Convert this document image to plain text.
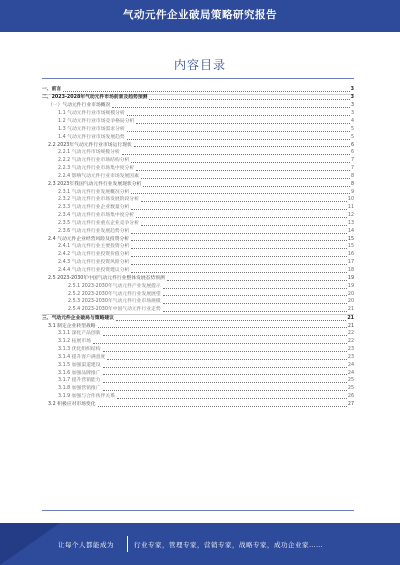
气动元件企业破局策略研究报告
内容目录
一、前言	3
二、2023-2028年气动元件市场前景及趋势预测	3
（一）气动元件行业市场概况	3
1.1 气动元件行业市场规模分析	3
1.2 气动元件行业市场竞争格局分析	4
1.3 气动元件行业市场需求分析	5
1.4 气动元件行业市场发展趋势	5
2.2 2023年气动元件行业市场运行现状	6
2.2.1 气动元件市场规模分析	6
2.2.2 气动元件行业市场结构分析	7
2.2.3 气动元件行业市场集中度分析	7
2.2.4 影响气动元件行业市场发展因素	8
2.3 2023年我国气动元件行业发展现状分析	8
2.3.1 气动元件行业发展概况分析	9
2.3.2 气动元件行业市场发展阶段分析	10
2.3.3 气动元件行业企业数量分析	11
2.3.4 气动元件行业市场集中度分析	12
2.3.5 气动元件行业重点企业竞争分析	13
2.3.6 气动元件行业发展趋势分析	14
2.4 气动元件企业经营风险及投资分析	15
2.4.1 气动元件行业主要投资分析	15
2.4.2 气动元件行业投资价值分析	16
2.4.3 气动元件行业投资风险分析	17
2.4.4 气动元件行业投资建议分析	18
2.5 2023-2030年中国气动元件行业整体发展态势预测	19
2.5.1 2023-2030年气动元件产业发展提示	19
2.5.2 2023-2030年气动元件行业发展展望	20
2.5.3 2023-2030年气动元件行业市场规模	20
2.5.4 2023-2030年中国气动元件行业走势	21
三、气动元件企业破局与策略建议	21
3.1 制定企业转型战略	21
3.1.1 深化产品创新	22
3.1.2 拓展市场	22
3.1.3 优化组织结构	23
3.1.4 提升客户满意度	23
3.1.5 加强渠道建设	24
3.1.6 加强品牌推广	24
3.1.7 提升营销能力	25
3.1.8 加强营销推广	25
3.1.9 加强与合作伙伴关系	26
3.2 积极应对市场变化	27
让每个人都能成为	行业专家，管理专家，营销专家，战略专家，成功企业家……
